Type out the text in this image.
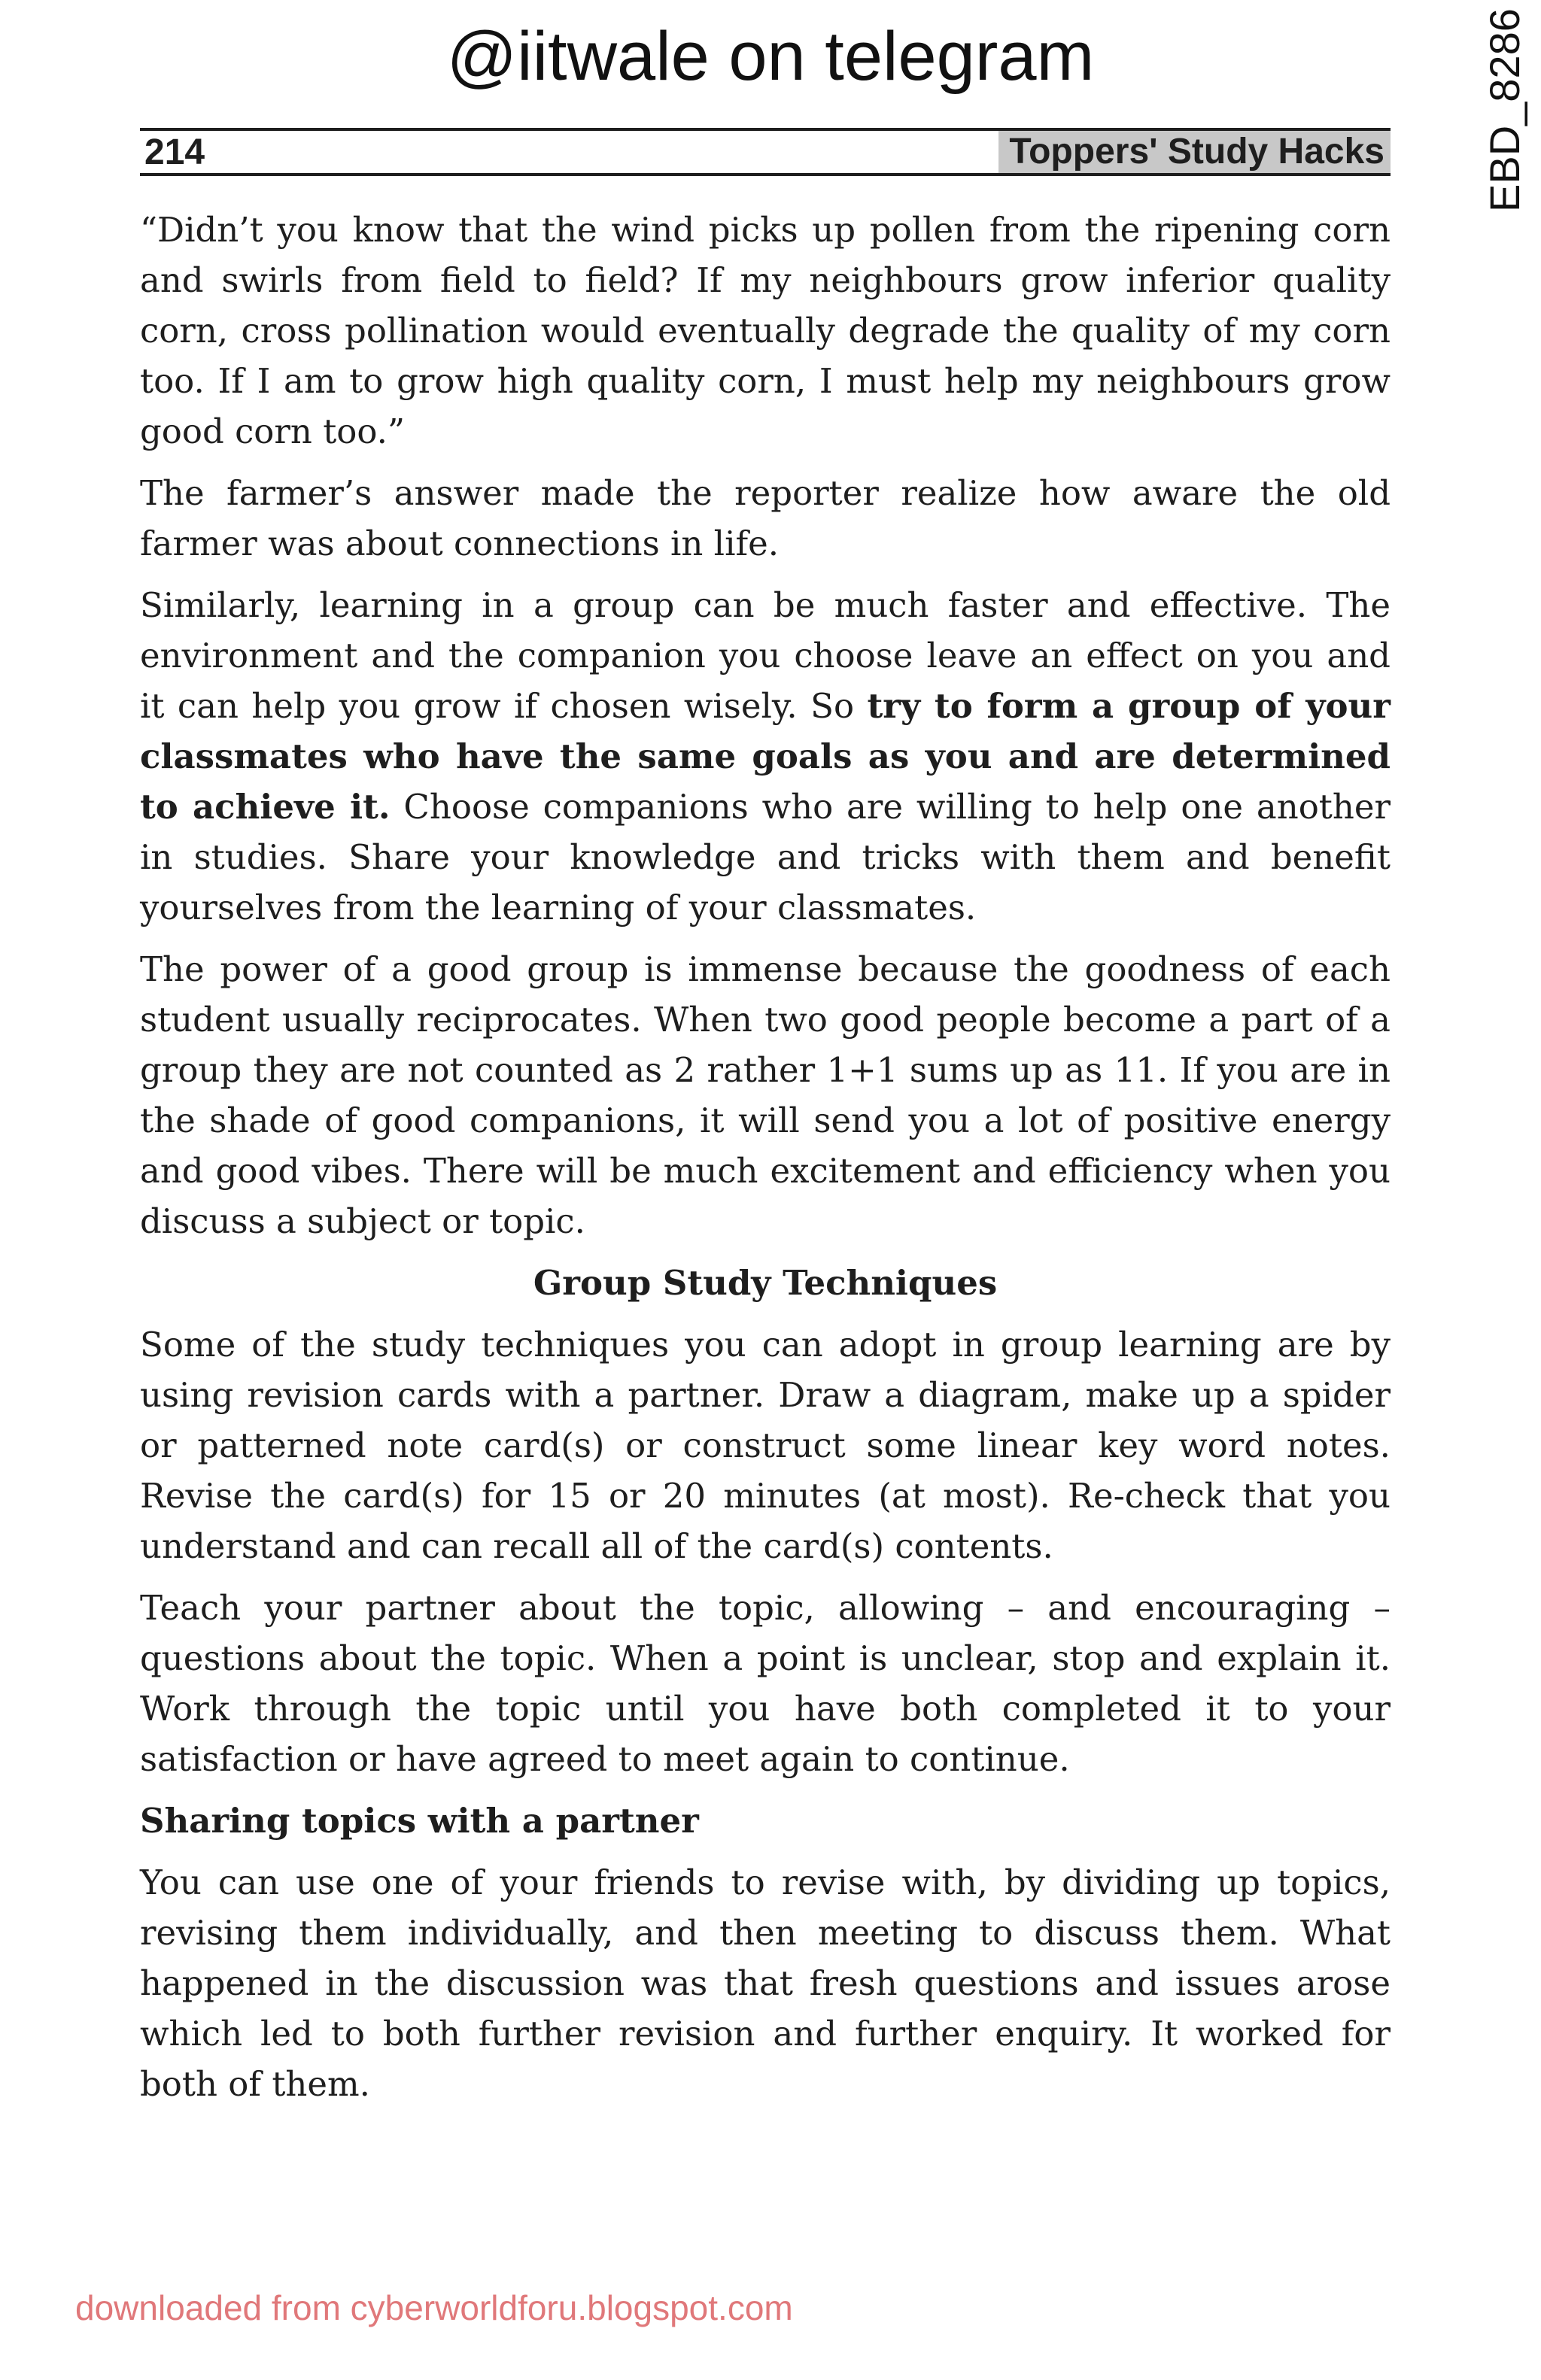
@iitwale on telegram	EBD_8286
214	Toppers' Study Hacks

“Didn’t you know that the wind picks up pollen from the ripening corn and swirls from field to field? If my neighbours grow inferior quality corn, cross pollination would eventually degrade the quality of my corn too. If I am to grow high quality corn, I must help my neighbours grow good corn too.”

The farmer’s answer made the reporter realize how aware the old farmer was about connections in life.

Similarly, learning in a group can be much faster and effective. The environment and the companion you choose leave an effect on you and it can help you grow if chosen wisely. So try to form a group of your classmates who have the same goals as you and are determined to achieve it. Choose companions who are willing to help one another in studies. Share your knowledge and tricks with them and benefit yourselves from the learning of your classmates.

The power of a good group is immense because the goodness of each student usually reciprocates. When two good people become a part of a group they are not counted as 2 rather 1+1 sums up as 11. If you are in the shade of good companions, it will send you a lot of positive energy and good vibes. There will be much excitement and efficiency when you discuss a subject or topic.

Group Study Techniques

Some of the study techniques you can adopt in group learning are by using revision cards with a partner. Draw a diagram, make up a spider or patterned note card(s) or construct some linear key word notes. Revise the card(s) for 15 or 20 minutes (at most). Re-check that you understand and can recall all of the card(s) contents.

Teach your partner about the topic, allowing – and encouraging – questions about the topic. When a point is unclear, stop and explain it. Work through the topic until you have both completed it to your satisfaction or have agreed to meet again to continue.

Sharing topics with a partner

You can use one of your friends to revise with, by dividing up topics, revising them individually, and then meeting to discuss them. What happened in the discussion was that fresh questions and issues arose which led to both further revision and further enquiry. It worked for both of them.

downloaded from cyberworldforu.blogspot.com
